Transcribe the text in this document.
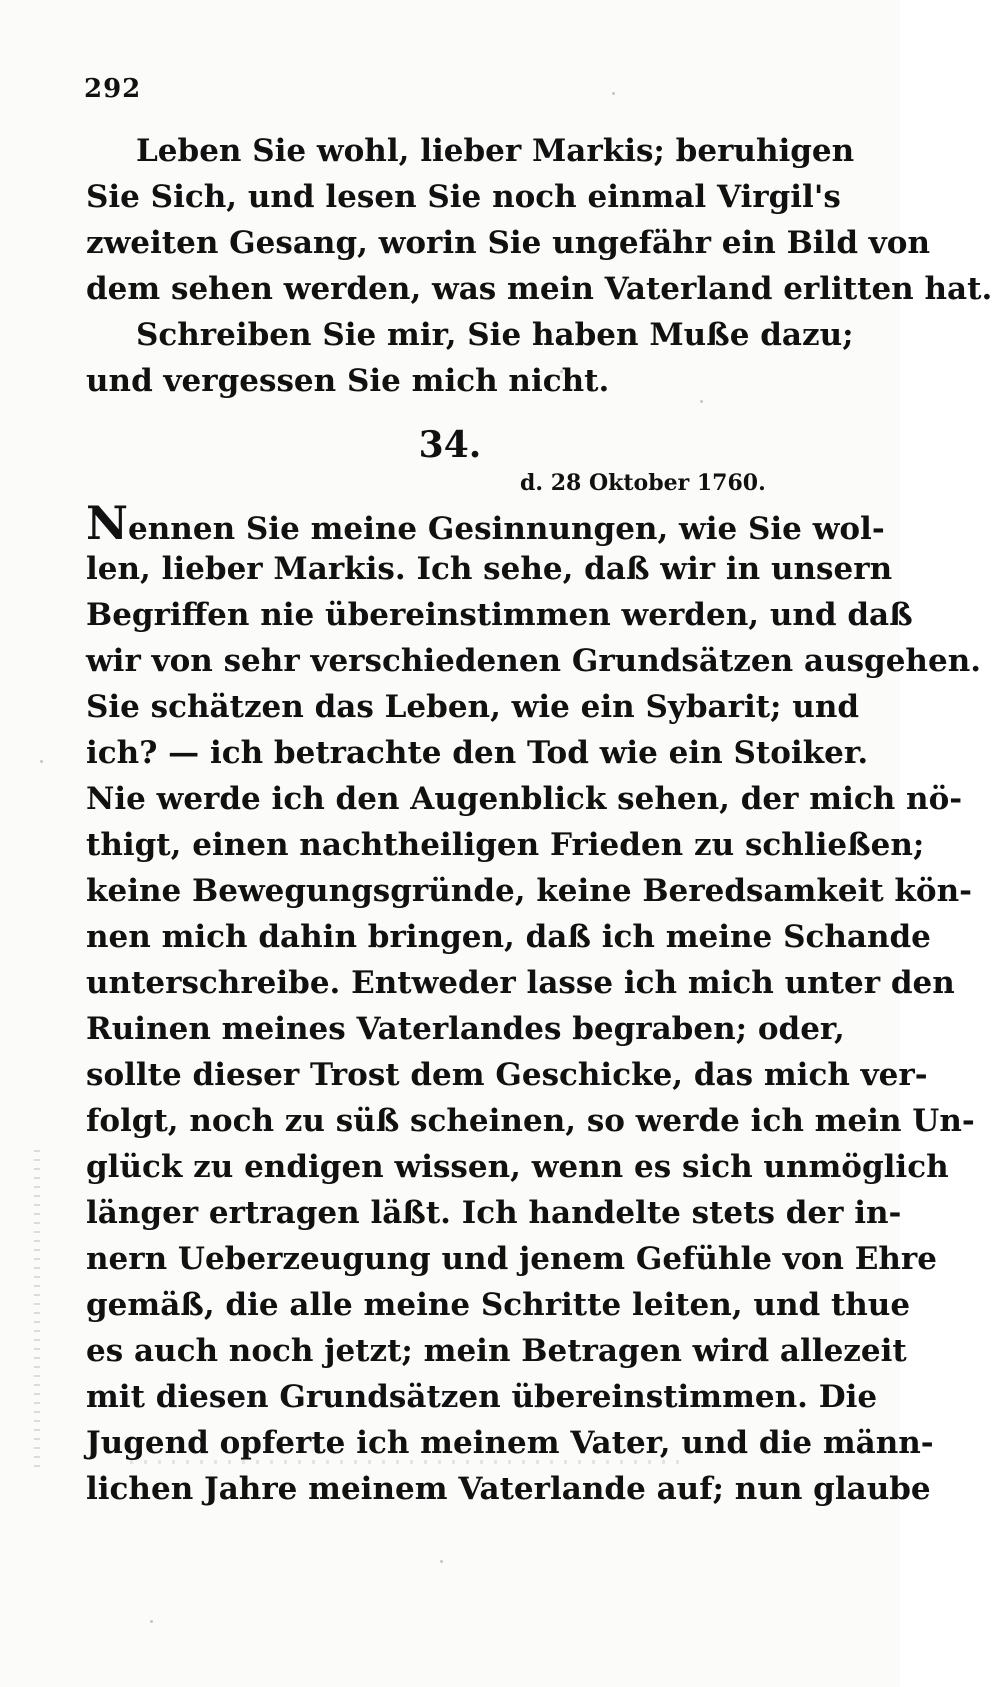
292
Leben Sie wohl, lieber Markis; beruhigen
Sie Sich, und lesen Sie noch einmal Virgil's
zweiten Gesang, worin Sie ungefähr ein Bild von
dem sehen werden, was mein Vaterland erlitten hat.
Schreiben Sie mir, Sie haben Muße dazu;
und vergessen Sie mich nicht.
34.
d. 28 Oktober 1760.
Nennen Sie meine Gesinnungen, wie Sie wol-
len, lieber Markis. Ich sehe, daß wir in unsern
Begriffen nie übereinstimmen werden, und daß
wir von sehr verschiedenen Grundsätzen ausgehen.
Sie schätzen das Leben, wie ein Sybarit; und
ich? — ich betrachte den Tod wie ein Stoiker.
Nie werde ich den Augenblick sehen, der mich nö-
thigt, einen nachtheiligen Frieden zu schließen;
keine Bewegungsgründe, keine Beredsamkeit kön-
nen mich dahin bringen, daß ich meine Schande
unterschreibe. Entweder lasse ich mich unter den
Ruinen meines Vaterlandes begraben; oder,
sollte dieser Trost dem Geschicke, das mich ver-
folgt, noch zu süß scheinen, so werde ich mein Un-
glück zu endigen wissen, wenn es sich unmöglich
länger ertragen läßt. Ich handelte stets der in-
nern Ueberzeugung und jenem Gefühle von Ehre
gemäß, die alle meine Schritte leiten, und thue
es auch noch jetzt; mein Betragen wird allezeit
mit diesen Grundsätzen übereinstimmen. Die
Jugend opferte ich meinem Vater, und die männ-
lichen Jahre meinem Vaterlande auf; nun glaube
